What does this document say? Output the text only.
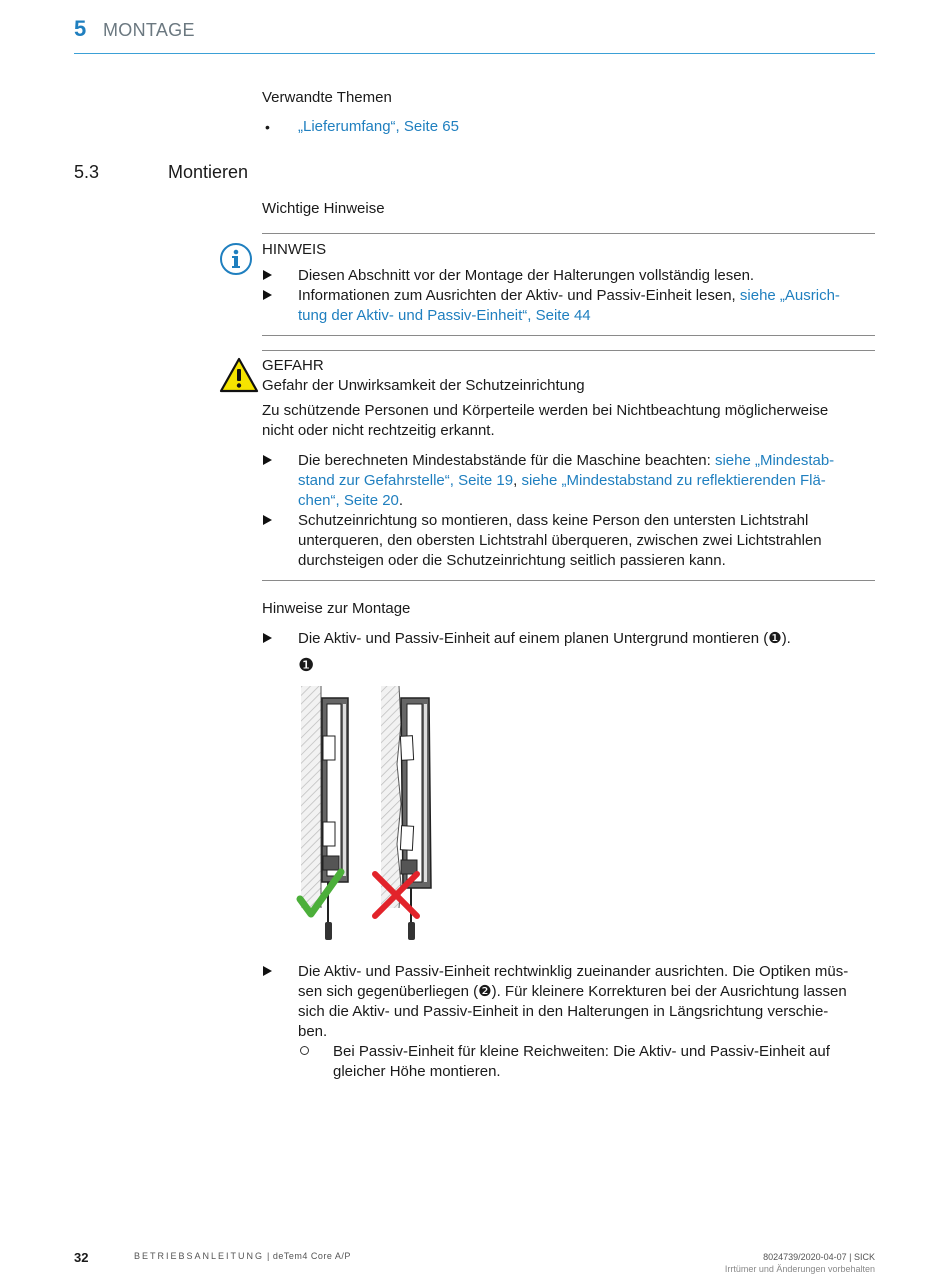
5 MONTAGE
Verwandte Themen
• „Lieferumfang“, Seite 65
5.3	Montieren
Wichtige Hinweise
HINWEIS
Diesen Abschnitt vor der Montage der Halterungen vollständig lesen.
Informationen zum Ausrichten der Aktiv- und Passiv-Einheit lesen, siehe „Ausrich-
tung der Aktiv- und Passiv-Einheit“, Seite 44
GEFAHR
Gefahr der Unwirksamkeit der Schutzeinrichtung
Zu schützende Personen und Körperteile werden bei Nichtbeachtung möglicherweise
nicht oder nicht rechtzeitig erkannt.
Die berechneten Mindestabstände für die Maschine beachten: siehe „Mindestab-
stand zur Gefahrstelle“, Seite 19, siehe „Mindestabstand zu reflektierenden Flä-
chen“, Seite 20.
Schutzeinrichtung so montieren, dass keine Person den untersten Lichtstrahl
unterqueren, den obersten Lichtstrahl überqueren, zwischen zwei Lichtstrahlen
durchsteigen oder die Schutzeinrichtung seitlich passieren kann.
Hinweise zur Montage
Die Aktiv- und Passiv-Einheit auf einem planen Untergrund montieren (❶).
❶
Die Aktiv- und Passiv-Einheit rechtwinklig zueinander ausrichten. Die Optiken müs-
sen sich gegenüberliegen (❷). Für kleinere Korrekturen bei der Ausrichtung lassen
sich die Aktiv- und Passiv-Einheit in den Halterungen in Längsrichtung verschie-
ben.
Bei Passiv-Einheit für kleine Reichweiten: Die Aktiv- und Passiv-Einheit auf
gleicher Höhe montieren.
32	BETRIEBSANLEITUNG | deTem4 Core A/P	8024739/2020-04-07 | SICK
Irrtümer und Änderungen vorbehalten
